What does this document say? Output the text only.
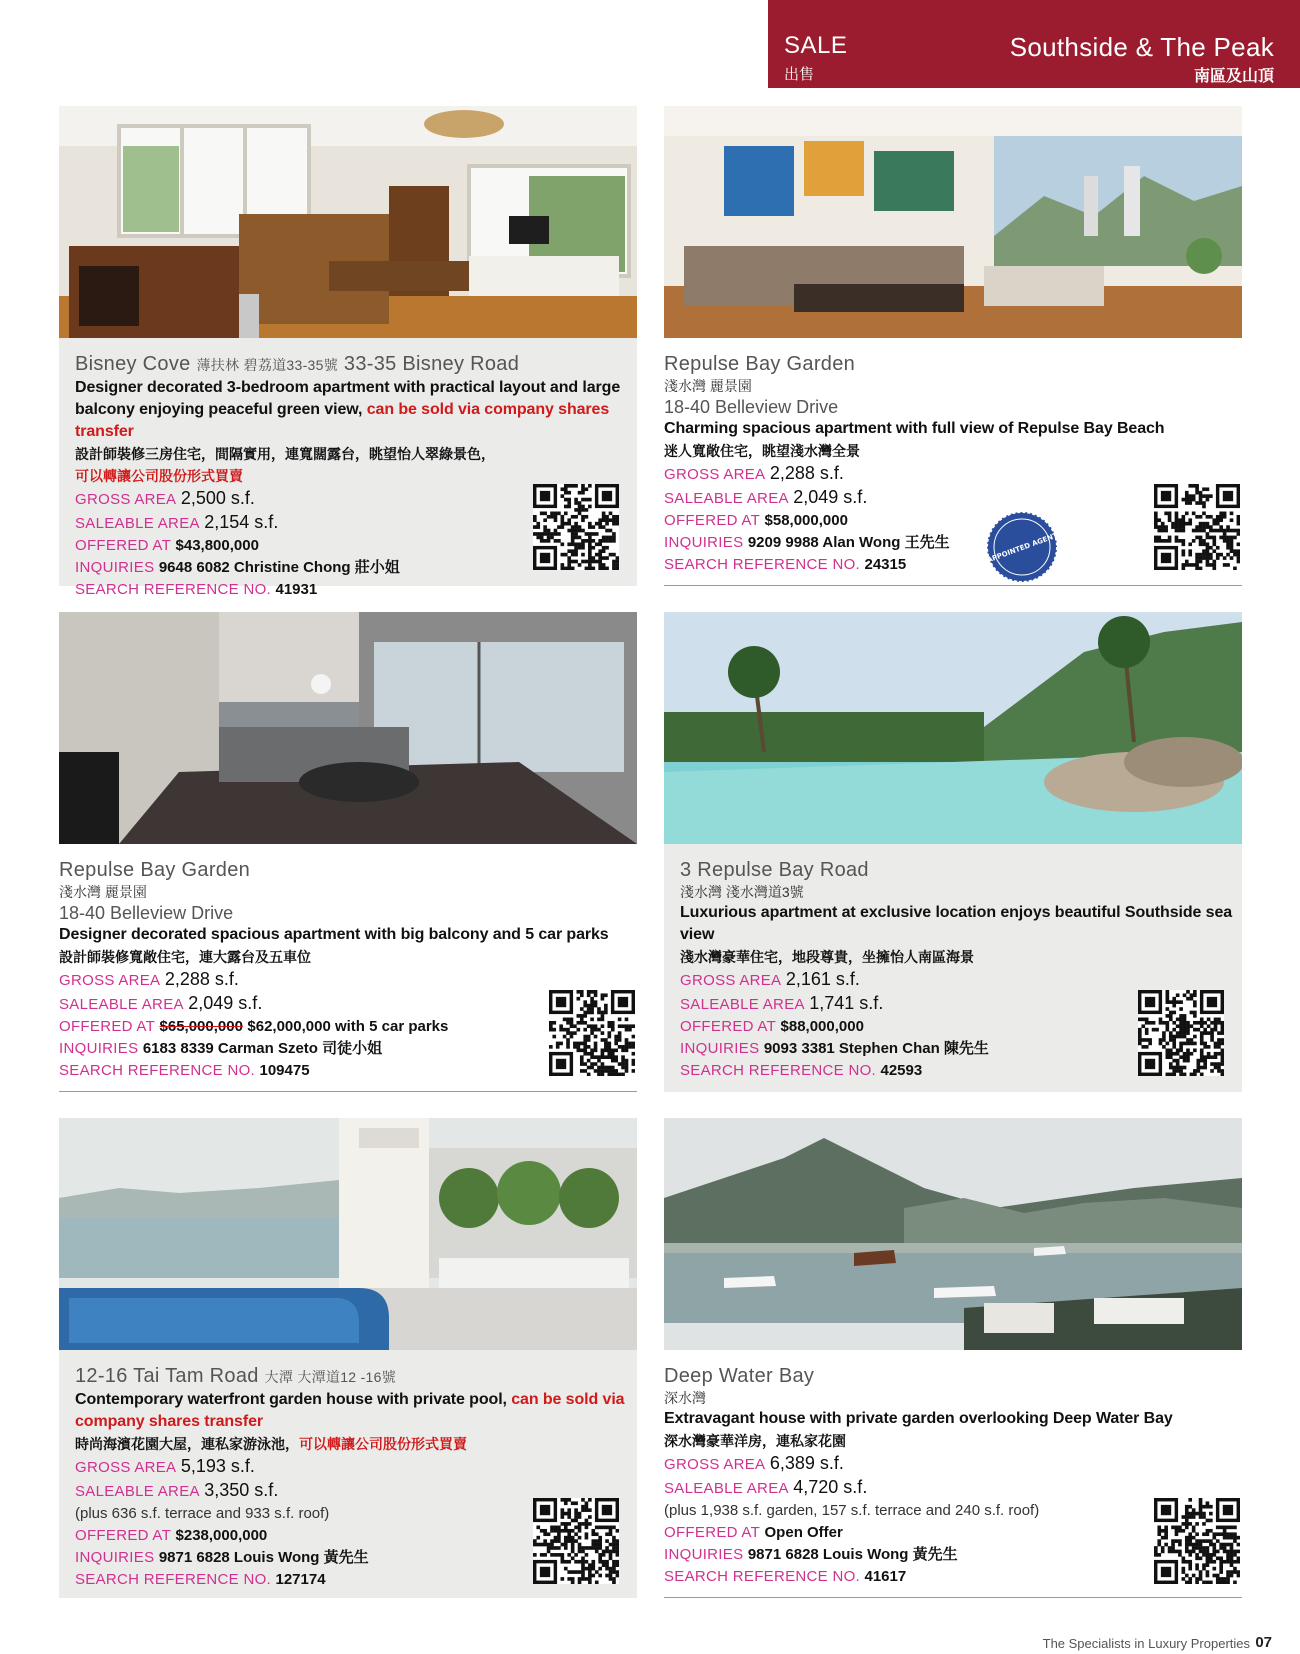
SALE
出售
Southside & The Peak
南區及山頂
Bisney Cove 薄扶林 碧荔道33-35號 33-35 Bisney Road
Designer decorated 3-bedroom apartment with practical layout and large balcony enjoying peaceful green view, can be sold via company shares transfer
設計師裝修三房住宅，間隔實用，連寬闊露台，眺望怡人翠綠景色，
可以轉讓公司股份形式買賣
GROSS AREA 2,500 s.f.
SALEABLE AREA 2,154 s.f.
OFFERED AT $43,800,000
INQUIRIES 9648 6082 Christine Chong 莊小姐
SEARCH REFERENCE NO. 41931
Repulse Bay Garden
淺水灣 麗景園
18-40 Belleview Drive
Charming spacious apartment with full view of Repulse Bay Beach
迷人寬敞住宅，眺望淺水灣全景
GROSS AREA 2,288 s.f.
SALEABLE AREA 2,049 s.f.
OFFERED AT $58,000,000
INQUIRIES 9209 9988 Alan Wong 王先生
SEARCH REFERENCE NO. 24315
APPOINTED AGENT
Repulse Bay Garden
淺水灣 麗景園
18-40 Belleview Drive
Designer decorated spacious apartment with big balcony and 5 car parks
設計師裝修寬敞住宅，連大露台及五車位
GROSS AREA 2,288 s.f.
SALEABLE AREA 2,049 s.f.
OFFERED AT $65,000,000 $62,000,000 with 5 car parks
INQUIRIES 6183 8339 Carman Szeto 司徒小姐
SEARCH REFERENCE NO. 109475
3 Repulse Bay Road
淺水灣 淺水灣道3號
Luxurious apartment at exclusive location enjoys beautiful Southside sea view
淺水灣豪華住宅，地段尊貴，坐擁怡人南區海景
GROSS AREA 2,161 s.f.
SALEABLE AREA 1,741 s.f.
OFFERED AT $88,000,000
INQUIRIES 9093 3381 Stephen Chan 陳先生
SEARCH REFERENCE NO. 42593
12-16 Tai Tam Road 大潭 大潭道12 -16號
Contemporary waterfront garden house with private pool, can be sold via company shares transfer
時尚海濱花園大屋，連私家游泳池，可以轉讓公司股份形式買賣
GROSS AREA 5,193 s.f.
SALEABLE AREA 3,350 s.f.
(plus 636 s.f. terrace and 933 s.f. roof)
OFFERED AT $238,000,000
INQUIRIES 9871 6828 Louis Wong 黃先生
SEARCH REFERENCE NO. 127174
Deep Water Bay
深水灣
Extravagant house with private garden overlooking Deep Water Bay
深水灣豪華洋房，連私家花園
GROSS AREA 6,389 s.f.
SALEABLE AREA 4,720 s.f.
(plus 1,938 s.f. garden, 157 s.f. terrace and 240 s.f. roof)
OFFERED AT Open Offer
INQUIRIES 9871 6828 Louis Wong 黃先生
SEARCH REFERENCE NO. 41617
The Specialists in Luxury Properties 07
